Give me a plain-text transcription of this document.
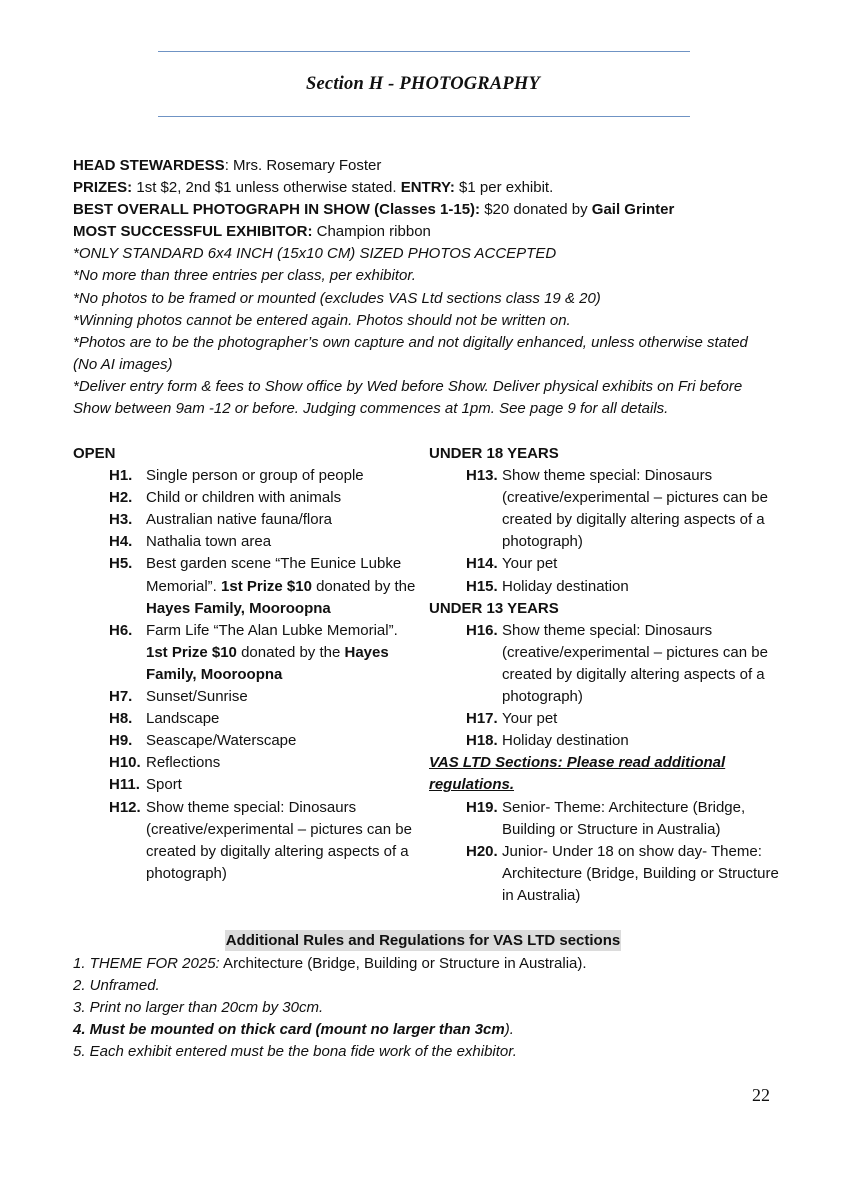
Section H - PHOTOGRAPHY
HEAD STEWARDESS: Mrs. Rosemary Foster
PRIZES: 1st $2, 2nd $1 unless otherwise stated. ENTRY: $1 per exhibit.
BEST OVERALL PHOTOGRAPH IN SHOW (Classes 1-15): $20 donated by Gail Grinter
MOST SUCCESSFUL EXHIBITOR: Champion ribbon
*ONLY STANDARD 6x4 INCH (15x10 CM) SIZED PHOTOS ACCEPTED
*No more than three entries per class, per exhibitor.
*No photos to be framed or mounted (excludes VAS Ltd sections class 19 & 20)
*Winning photos cannot be entered again. Photos should not be written on.
*Photos are to be the photographer’s own capture and not digitally enhanced, unless otherwise stated (No AI images)
*Deliver entry form & fees to Show office by Wed before Show. Deliver physical exhibits on Fri before Show between 9am -12 or before. Judging commences at 1pm. See page 9 for all details.
OPEN
H1. Single person or group of people
H2. Child or children with animals
H3. Australian native fauna/flora
H4. Nathalia town area
H5. Best garden scene “The Eunice Lubke Memorial”. 1st Prize $10 donated by the Hayes Family, Mooroopna
H6. Farm Life “The Alan Lubke Memorial”. 1st Prize $10 donated by the Hayes Family, Mooroopna
H7. Sunset/Sunrise
H8. Landscape
H9. Seascape/Waterscape
H10. Reflections
H11. Sport
H12. Show theme special: Dinosaurs (creative/experimental – pictures can be created by digitally altering aspects of a photograph)
UNDER 18 YEARS
H13. Show theme special: Dinosaurs (creative/experimental – pictures can be created by digitally altering aspects of a photograph)
H14. Your pet
H15. Holiday destination
UNDER 13 YEARS
H16. Show theme special: Dinosaurs (creative/experimental – pictures can be created by digitally altering aspects of a photograph)
H17. Your pet
H18. Holiday destination
VAS LTD Sections: Please read additional regulations.
H19. Senior- Theme: Architecture (Bridge, Building or Structure in Australia)
H20. Junior- Under 18 on show day- Theme: Architecture (Bridge, Building or Structure in Australia)
Additional Rules and Regulations for VAS LTD sections
1. THEME FOR 2025: Architecture (Bridge, Building or Structure in Australia).
2. Unframed.
3. Print no larger than 20cm by 30cm.
4. Must be mounted on thick card (mount no larger than 3cm).
5. Each exhibit entered must be the bona fide work of the exhibitor.
22
